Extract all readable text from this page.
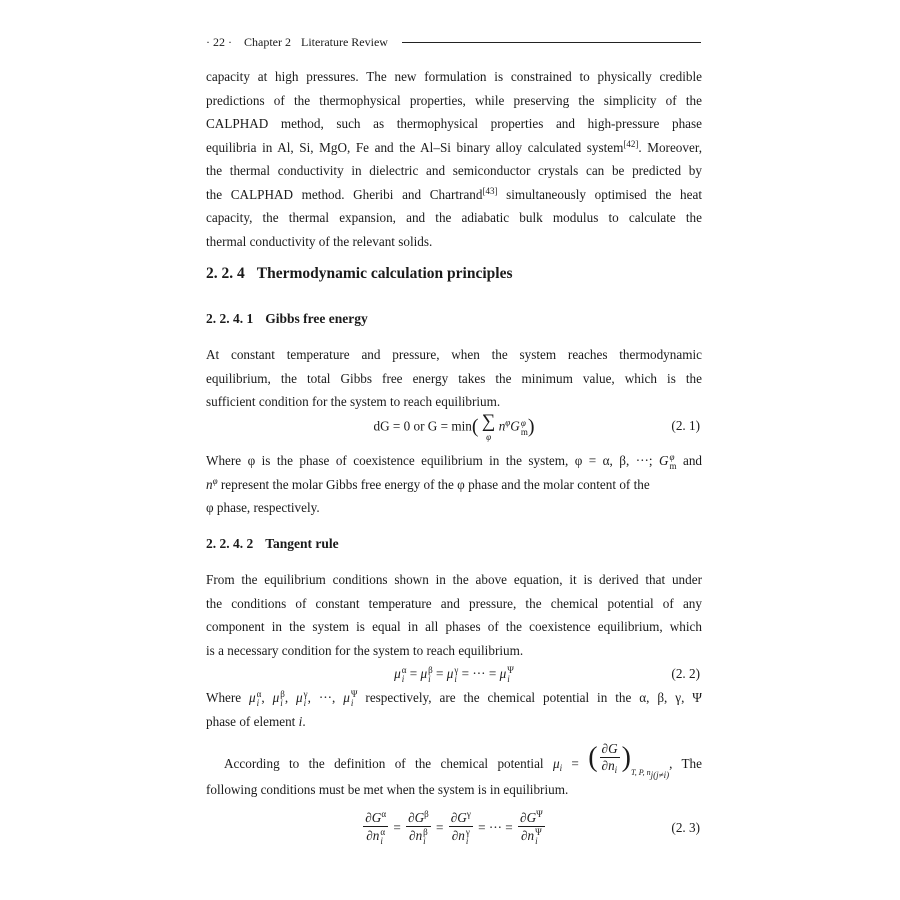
· 22 · Chapter 2 Literature Review
capacity at high pressures. The new formulation is constrained to physically credible
predictions of the thermophysical properties, while preserving the simplicity of the
CALPHAD method, such as thermophysical properties and high-pressure phase
equilibria in Al, Si, MgO, Fe and the Al–Si binary alloy calculated system[42]. Moreover,
the thermal conductivity in dielectric and semiconductor crystals can be predicted by
the CALPHAD method. Gheribi and Chartrand[43] simultaneously optimised the heat
capacity, the thermal expansion, and the adiabatic bulk modulus to calculate the
thermal conductivity of the relevant solids.
2. 2. 4 Thermodynamic calculation principles
2. 2. 4. 1 Gibbs free energy
At constant temperature and pressure, when the system reaches thermodynamic
equilibrium, the total Gibbs free energy takes the minimum value, which is the
sufficient condition for the system to reach equilibrium.
dG = 0 or G = min( ∑
φ
$n^\varphi G$ φ
m )	(2. 1)
Where φ is the phase of coexistence equilibrium in the system, φ = α, β, ···; G φ
m and
$n^\varphi$ represent the molar Gibbs free energy of the φ phase and the molar content of the
φ phase, respectively.
2. 2. 4. 2 Tangent rule
From the equilibrium conditions shown in the above equation, it is derived that under
the conditions of constant temperature and pressure, the chemical potential of any
component in the system is equal in all phases of the coexistence equilibrium, which
is a necessary condition for the system to reach equilibrium.
μ α
i = μ β
i = μ γ
i = ··· = μ Ψ
i	(2. 2)
Where μ α
i , μ β
i , μ γ
i , ···, μ Ψ
i respectively, are the chemical potential in the α, β, γ, Ψ
phase of element i.
According to the definition of the chemical potential $\mu_i$ = ( $\frac{\partial G}{\partial n_i} )_{T, P, n_{j(j\ne i)}}$, The
following conditions must be met when the system is in equilibrium.
$\partial G^\alpha$
∂n α
$i = \partial G^\beta$
∂n β
$i = \partial G^\gamma$
∂n γ
i = ··· = $\partial G^\Psi$
∂n Ψ
i	(2. 3)
